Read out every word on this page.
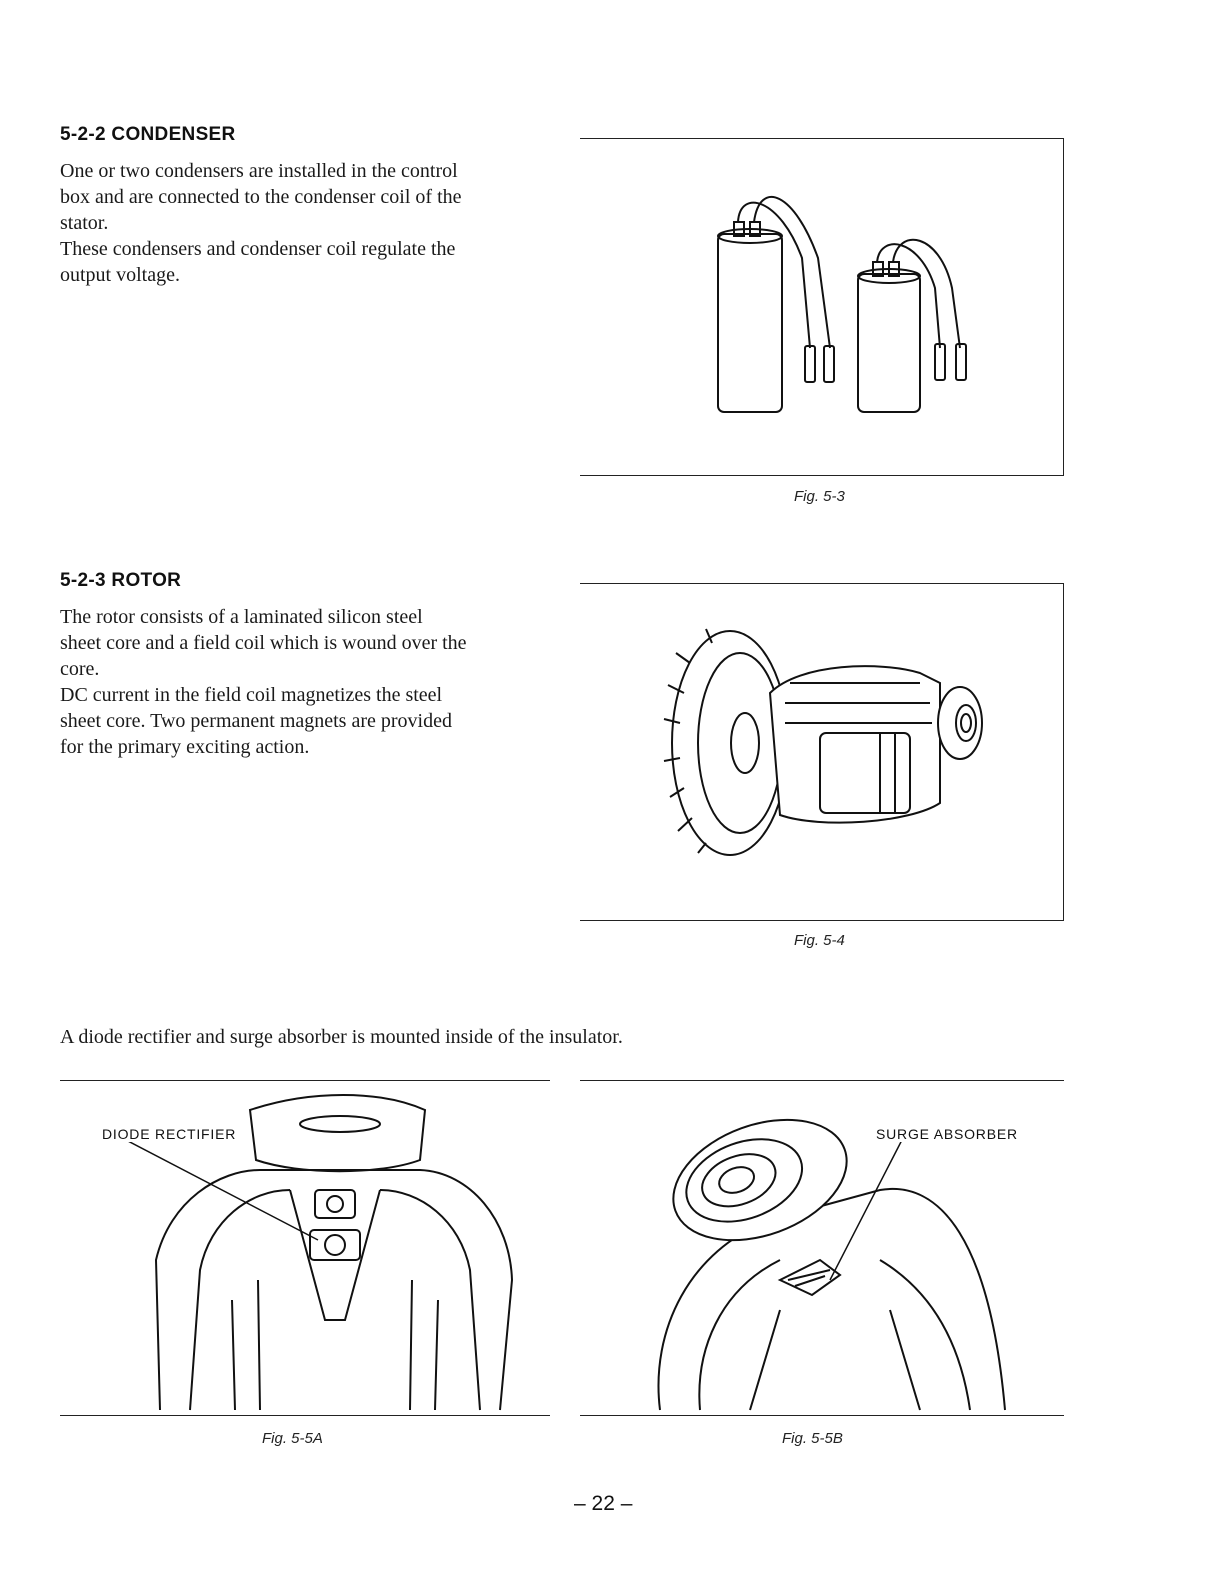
5-2-2 CONDENSER

One or two condensers are installed in the control
box and are connected to the condenser coil of the
stator.
These condensers and condenser coil regulate the
output voltage.

Fig. 5-3
5-2-3 ROTOR

The rotor consists of a laminated silicon steel
sheet core and a field coil which is wound over the
core.
DC current in the field coil magnetizes the steel
sheet core. Two permanent magnets are provided
for the primary exciting action.

Fig. 5-4

A diode rectifier and surge absorber is mounted inside of the insulator.

DIODE RECTIFIER
Fig. 5-5A
SURGE ABSORBER
Fig. 5-5B
– 22 –
